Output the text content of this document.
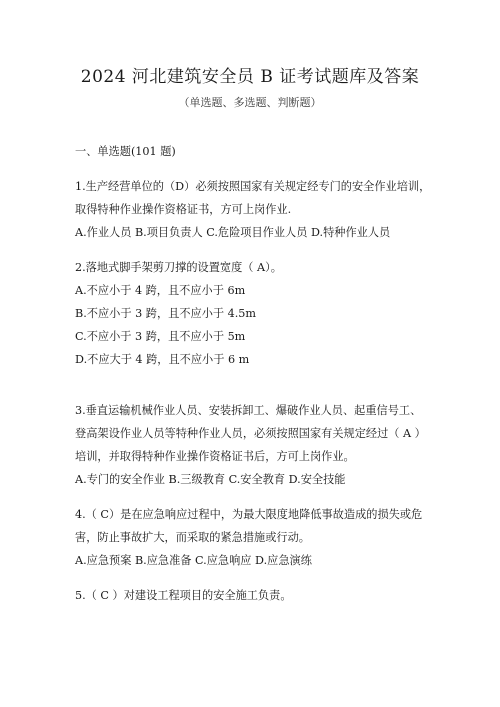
2024 河北建筑安全员 B 证考试题库及答案
（单选题、多选题、判断题）

一、单选题(101 题)

1.生产经营单位的（D）必须按照国家有关规定经专门的安全作业培训，

取得特种作业操作资格证书，方可上岗作业.

A.作业人员 B.项目负责人 C.危险项目作业人员 D.特种作业人员

2.落地式脚手架剪刀撑的设置宽度（ A）。

A.不应小于 4 跨，且不应小于 6m

B.不应小于 3 跨，且不应小于 4.5m

C.不应小于 3 跨，且不应小于 5m

D.不应大于 4 跨，且不应小于 6 m

3.垂直运输机械作业人员、安装拆卸工、爆破作业人员、起重信号工、

登高架设作业人员等特种作业人员，必须按照国家有关规定经过（ A ）

培训，并取得特种作业操作资格证书后，方可上岗作业。

A.专门的安全作业 B.三级教育 C.安全教育 D.安全技能

4.（ C）是在应急响应过程中，为最大限度地降低事故造成的损失或危

害，防止事故扩大，而采取的紧急措施或行动。

A.应急预案 B.应急准备 C.应急响应 D.应急演练

5.（ C ）对建设工程项目的安全施工负责。
